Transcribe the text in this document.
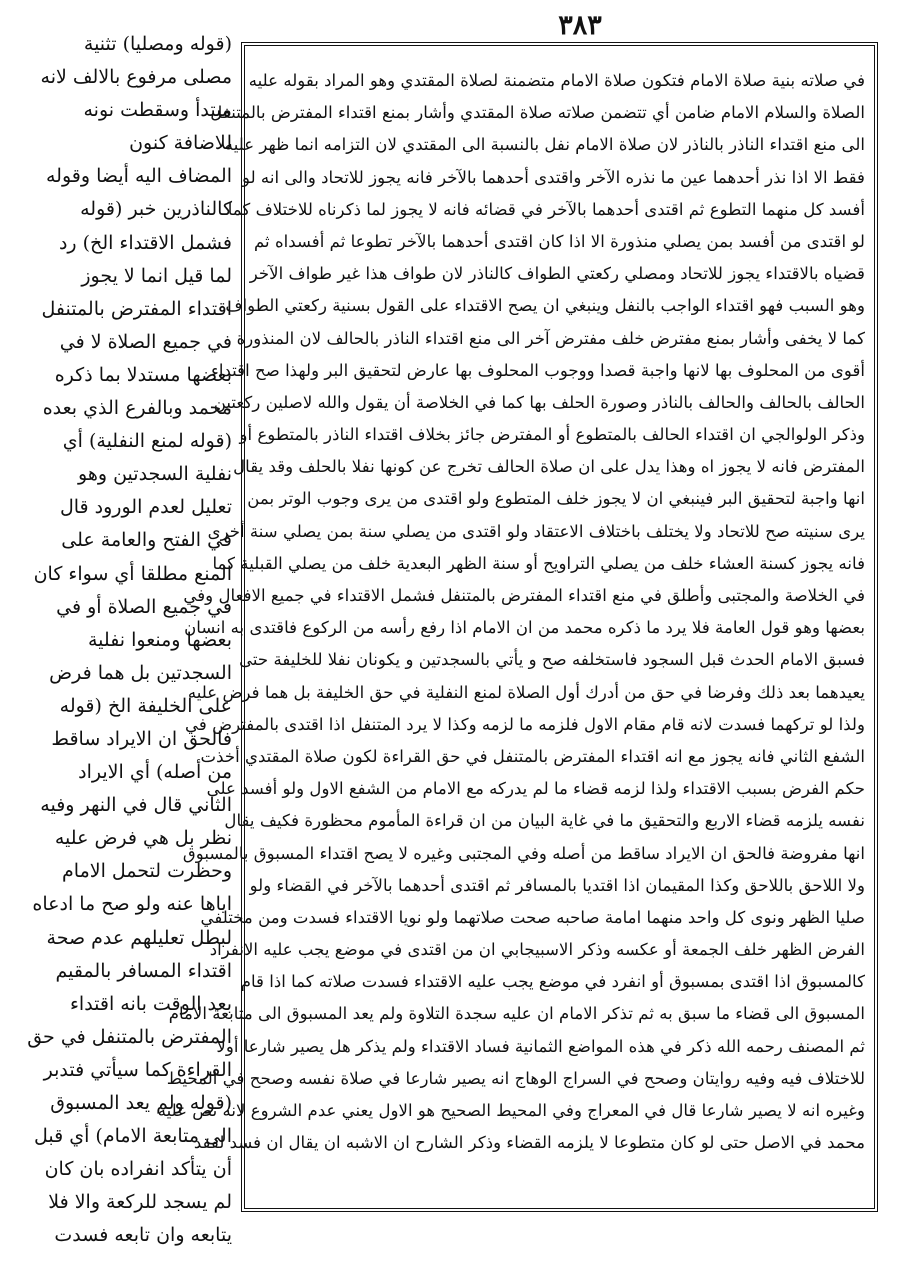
٣٨٣
في صلاته بنية صلاة الامام فتكون صلاة الامام متضمنة لصلاة المقتدي وهو المراد بقوله عليه
الصلاة والسلام الامام ضامن أي تتضمن صلاته صلاة المقتدي وأشار بمنع اقتداء المفترض بالمتنفل
الى منع اقتداء الناذر بالناذر لان صلاة الامام نفل بالنسبة الى المقتدي لان التزامه انما ظهر عليه
فقط الا اذا نذر أحدهما عين ما نذره الآخر واقتدى أحدهما بالآخر فانه يجوز للاتحاد والى انه لو
أفسد كل منهما التطوع ثم اقتدى أحدهما بالآخر في قضائه فانه لا يجوز لما ذكرناه للاختلاف كما
لو اقتدى من أفسد بمن يصلي منذورة الا اذا كان اقتدى أحدهما بالآخر تطوعا ثم أفسداه ثم
قضياه بالاقتداء يجوز للاتحاد ومصلي ركعتي الطواف كالناذر لان طواف هذا غير طواف الآخر
وهو السبب فهو اقتداء الواجب بالنفل وينبغي ان يصح الاقتداء على القول بسنية ركعتي الطواف
كما لا يخفى وأشار بمنع مفترض خلف مفترض آخر الى منع اقتداء الناذر بالحالف لان المنذورة
أقوى من المحلوف بها لانها واجبة قصدا ووجوب المحلوف بها عارض لتحقيق البر ولهذا صح اقتداء
الحالف بالحالف والحالف بالناذر وصورة الحلف بها كما في الخلاصة أن يقول والله لاصلين ركعتين
وذكر الولوالجي ان اقتداء الحالف بالمتطوع أو المفترض جائز بخلاف اقتداء الناذر بالمتطوع أو
المفترض فانه لا يجوز اه وهذا يدل على ان صلاة الحالف تخرج عن كونها نفلا بالحلف وقد يقال
انها واجبة لتحقيق البر فينبغي ان لا يجوز خلف المتطوع ولو اقتدى من يرى وجوب الوتر بمن
يرى سنيته صح للاتحاد ولا يختلف باختلاف الاعتقاد ولو اقتدى من يصلي سنة بمن يصلي سنة أخرى
فانه يجوز كسنة العشاء خلف من يصلي التراويح أو سنة الظهر البعدية خلف من يصلي القبلية كما
في الخلاصة والمجتبى وأطلق في منع اقتداء المفترض بالمتنفل فشمل الاقتداء في جميع الافعال وفي
بعضها وهو قول العامة فلا يرد ما ذكره محمد من ان الامام اذا رفع رأسه من الركوع فاقتدى به انسان
فسبق الامام الحدث قبل السجود فاستخلفه صح و يأتي بالسجدتين و يكونان نفلا للخليفة حتى
يعيدهما بعد ذلك وفرضا في حق من أدرك أول الصلاة لمنع النفلية في حق الخليفة بل هما فرض عليه
ولذا لو تركهما فسدت لانه قام مقام الاول فلزمه ما لزمه وكذا لا يرد المتنفل اذا اقتدى بالمفترض في
الشفع الثاني فانه يجوز مع انه اقتداء المفترض بالمتنفل في حق القراءة لكون صلاة المقتدي أخذت
حكم الفرض بسبب الاقتداء ولذا لزمه قضاء ما لم يدركه مع الامام من الشفع الاول ولو أفسد على
نفسه يلزمه قضاء الاربع والتحقيق ما في غاية البيان من ان قراءة المأموم محظورة فكيف يقال
انها مفروضة فالحق ان الايراد ساقط من أصله وفي المجتبى وغيره لا يصح اقتداء المسبوق بالمسبوق
ولا اللاحق باللاحق وكذا المقيمان اذا اقتديا بالمسافر ثم اقتدى أحدهما بالآخر في القضاء ولو
صليا الظهر ونوى كل واحد منهما امامة صاحبه صحت صلاتهما ولو نويا الاقتداء فسدت ومن مختلفي
الفرض الظهر خلف الجمعة أو عكسه وذكر الاسبيجابي ان من اقتدى في موضع يجب عليه الانفراد
كالمسبوق اذا اقتدى بمسبوق أو انفرد في موضع يجب عليه الاقتداء فسدت صلاته كما اذا قام
المسبوق الى قضاء ما سبق به ثم تذكر الامام ان عليه سجدة التلاوة ولم يعد المسبوق الى متابعة الامام
ثم المصنف رحمه الله ذكر في هذه المواضع الثمانية فساد الاقتداء ولم يذكر هل يصير شارعا أولا
للاختلاف فيه وفيه روايتان وصحح في السراج الوهاج انه يصير شارعا في صلاة نفسه وصحح في المحيط
وغيره انه لا يصير شارعا قال في المعراج وفي المحيط الصحيح هو الاول يعني عدم الشروع لانه نص عليه
محمد في الاصل حتى لو كان متطوعا لا يلزمه القضاء وذكر الشارح ان الاشبه ان يقال ان فسد لفقد
(قوله ومصليا) تثنية
مصلى مرفوع بالالف لانه
مبتدأ وسقطت نونه
للاضافة كنون
المضاف اليه أيضا وقوله
كالناذرين خبر (قوله
فشمل الاقتداء الخ) رد
لما قيل انما لا يجوز
اقتداء المفترض بالمتنفل
في جميع الصلاة لا في
بعضها مستدلا بما ذكره
محمد وبالفرع الذي بعده
(قوله لمنع النفلية) أي
نفلية السجدتين وهو
تعليل لعدم الورود قال
في الفتح والعامة على
المنع مطلقا أي سواء كان
في جميع الصلاة أو في
بعضها ومنعوا نفلية
السجدتين بل هما فرض
على الخليفة الخ (قوله
فالحق ان الايراد ساقط
من أصله) أي الايراد
الثاني قال في النهر وفيه
نظر بل هي فرض عليه
وحظرت لتحمل الامام
اياها عنه ولو صح ما ادعاه
لبطل تعليلهم عدم صحة
اقتداء المسافر بالمقيم
بعد الوقت بانه اقتداء
المفترض بالمتنفل في حق
القراءة كما سيأتي فتدبر
(قوله ولم يعد المسبوق
الى متابعة الامام) أي قبل
أن يتأكد انفراده بان كان
لم يسجد للركعة والا فلا
يتابعه وان تابعه فسدت
